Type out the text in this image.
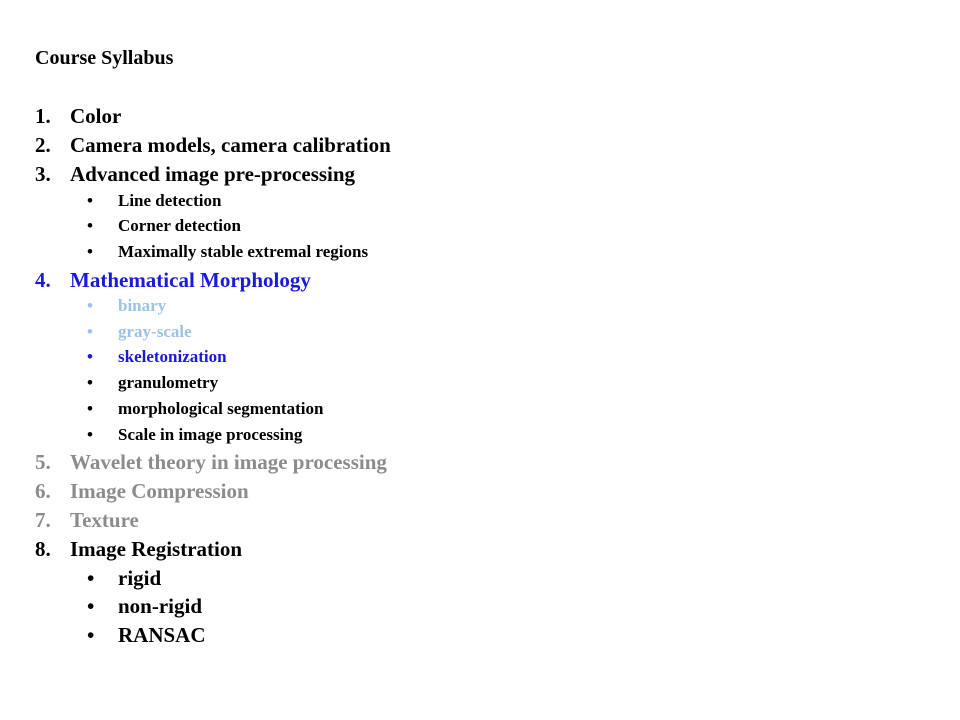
Course Syllabus
1. Color
2. Camera models, camera calibration
3. Advanced image pre-processing
• Line detection
• Corner detection
• Maximally stable extremal regions
4. Mathematical Morphology
• binary
• gray-scale
• skeletonization
• granulometry
• morphological segmentation
• Scale in image processing
5. Wavelet theory in image processing
6. Image Compression
7. Texture
8. Image Registration
• rigid
• non-rigid
• RANSAC
